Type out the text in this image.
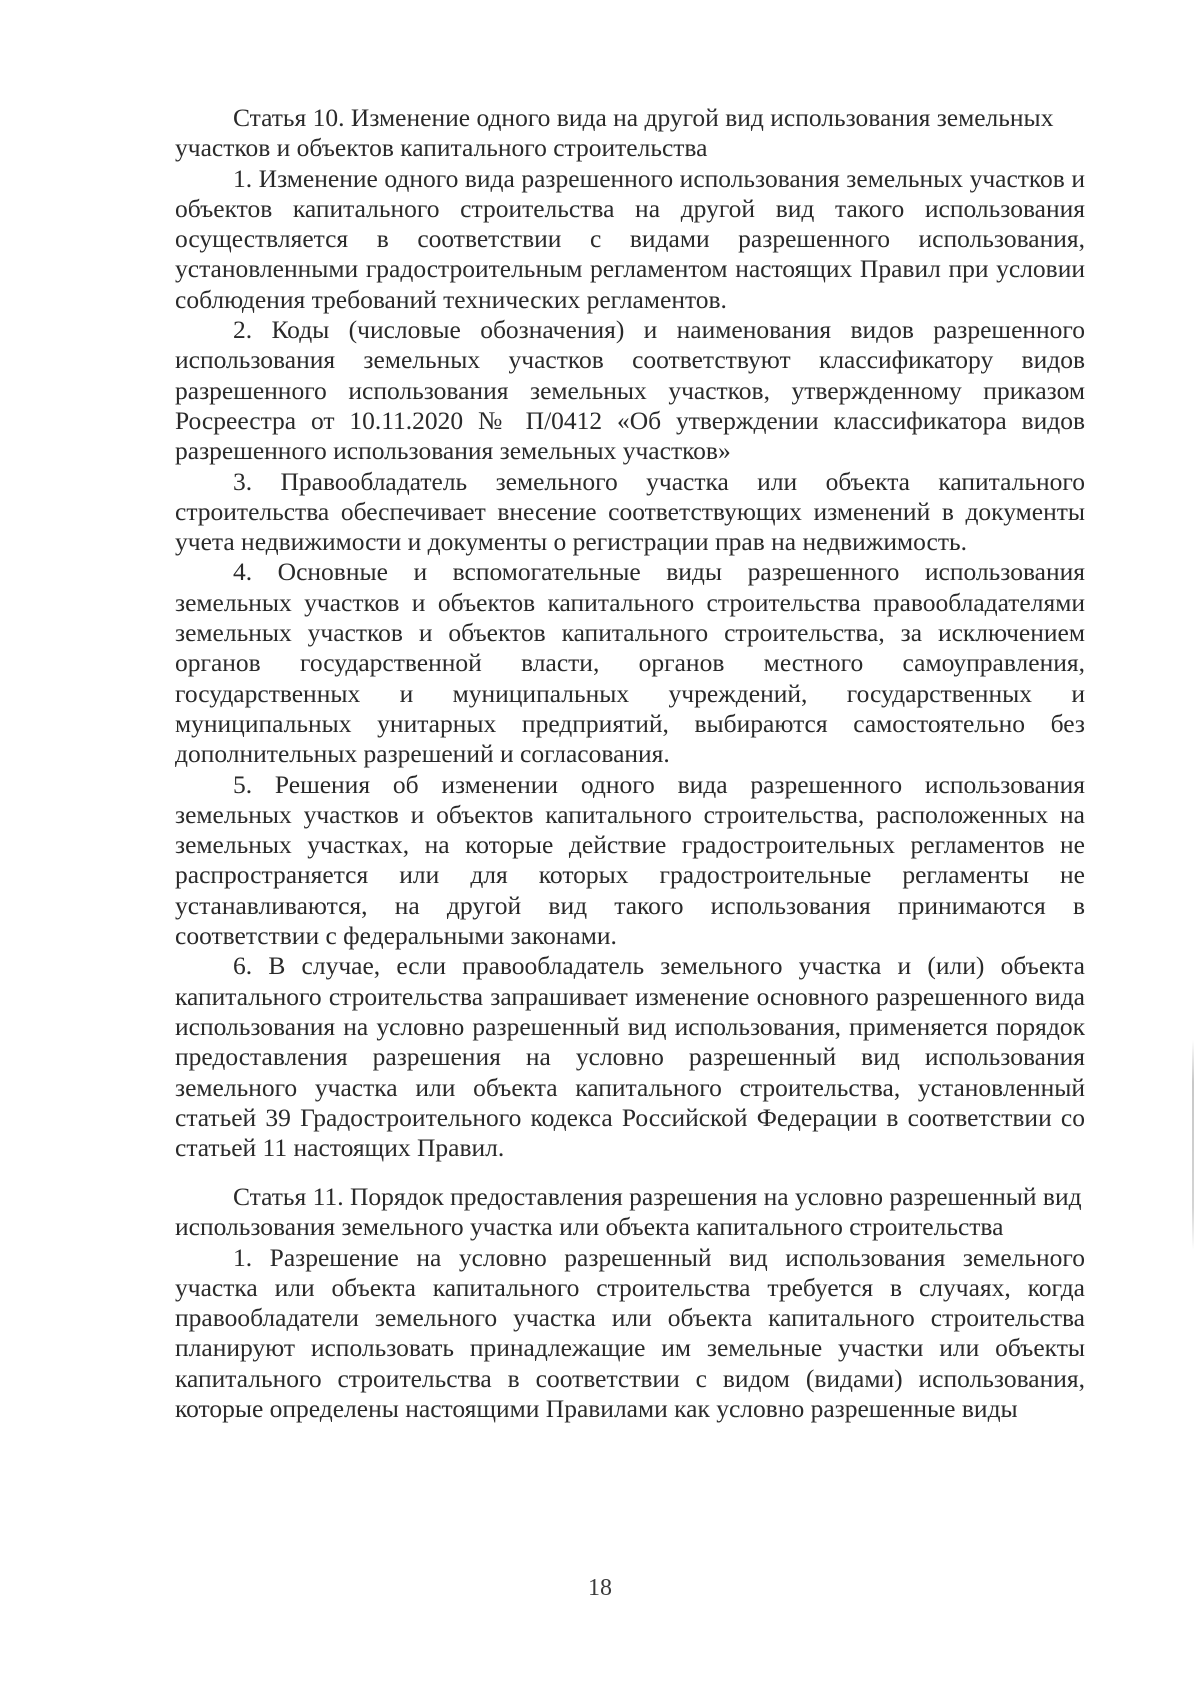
Статья 10. Изменение одного вида на другой вид использования земельных участков и объектов капитального строительства

1. Изменение одного вида разрешенного использования земельных участков и объектов капитального строительства на другой вид такого использования осуществляется в соответствии с видами разрешенного использования, установленными градостроительным регламентом настоящих Правил при условии соблюдения требований технических регламентов.

2. Коды (числовые обозначения) и наименования видов разрешенного использования земельных участков соответствуют классификатору видов разрешенного использования земельных участков, утвержденному приказом Росреестра от 10.11.2020 № П/0412 «Об утверждении классификатора видов разрешенного использования земельных участков»

3. Правообладатель земельного участка или объекта капитального строительства обеспечивает внесение соответствующих изменений в документы учета недвижимости и документы о регистрации прав на недвижимость.

4. Основные и вспомогательные виды разрешенного использования земельных участков и объектов капитального строительства правообладателями земельных участков и объектов капитального строительства, за исключением органов государственной власти, органов местного самоуправления, государственных и муниципальных учреждений, государственных и муниципальных унитарных предприятий, выбираются самостоятельно без дополнительных разрешений и согласования.

5. Решения об изменении одного вида разрешенного использования земельных участков и объектов капитального строительства, расположенных на земельных участках, на которые действие градостроительных регламентов не распространяется или для которых градостроительные регламенты не устанавливаются, на другой вид такого использования принимаются в соответствии с федеральными законами.

6. В случае, если правообладатель земельного участка и (или) объекта капитального строительства запрашивает изменение основного разрешенного вида использования на условно разрешенный вид использования, применяется порядок предоставления разрешения на условно разрешенный вид использования земельного участка или объекта капитального строительства, установленный статьей 39 Градостроительного кодекса Российской Федерации в соответствии со статьей 11 настоящих Правил.

Статья 11. Порядок предоставления разрешения на условно разрешенный вид использования земельного участка или объекта капитального строительства

1. Разрешение на условно разрешенный вид использования земельного участка или объекта капитального строительства требуется в случаях, когда правообладатели земельного участка или объекта капитального строительства планируют использовать принадлежащие им земельные участки или объекты капитального строительства в соответствии с видом (видами) использования, которые определены настоящими Правилами как условно разрешенные виды

18
